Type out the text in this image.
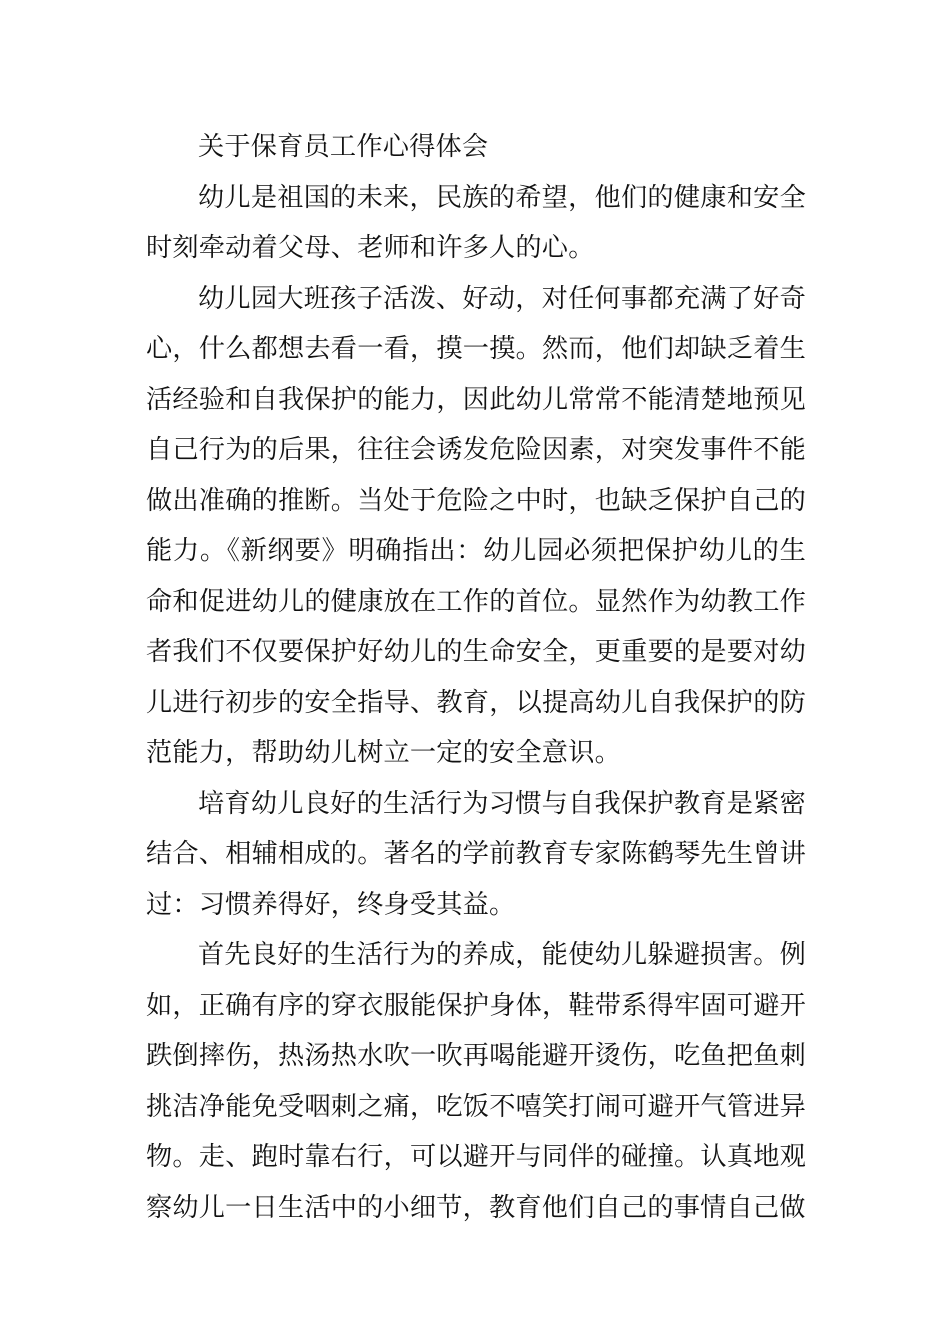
关于保育员工作心得体会

幼儿是祖国的未来，民族的希望，他们的健康和安全时刻牵动着父母、老师和许多人的心。

幼儿园大班孩子活泼、好动，对任何事都充满了好奇心，什么都想去看一看，摸一摸。然而，他们却缺乏着生活经验和自我保护的能力，因此幼儿常常不能清楚地预见自己行为的后果，往往会诱发危险因素，对突发事件不能做出准确的推断。当处于危险之中时，也缺乏保护自己的能力。《新纲要》明确指出：幼儿园必须把保护幼儿的生命和促进幼儿的健康放在工作的首位。显然作为幼教工作者我们不仅要保护好幼儿的生命安全，更重要的是要对幼儿进行初步的安全指导、教育，以提高幼儿自我保护的防范能力，帮助幼儿树立一定的安全意识。

培育幼儿良好的生活行为习惯与自我保护教育是紧密结合、相辅相成的。著名的学前教育专家陈鹤琴先生曾讲过：习惯养得好，终身受其益。

首先良好的生活行为的养成，能使幼儿躲避损害。例如，正确有序的穿衣服能保护身体，鞋带系得牢固可避开跌倒摔伤，热汤热水吹一吹再喝能避开烫伤，吃鱼把鱼刺挑洁净能免受咽刺之痛，吃饭不嘻笑打闹可避开气管进异物。走、跑时靠右行，可以避开与同伴的碰撞。认真地观察幼儿一日生活中的小细节，教育他们自己的事情自己做
